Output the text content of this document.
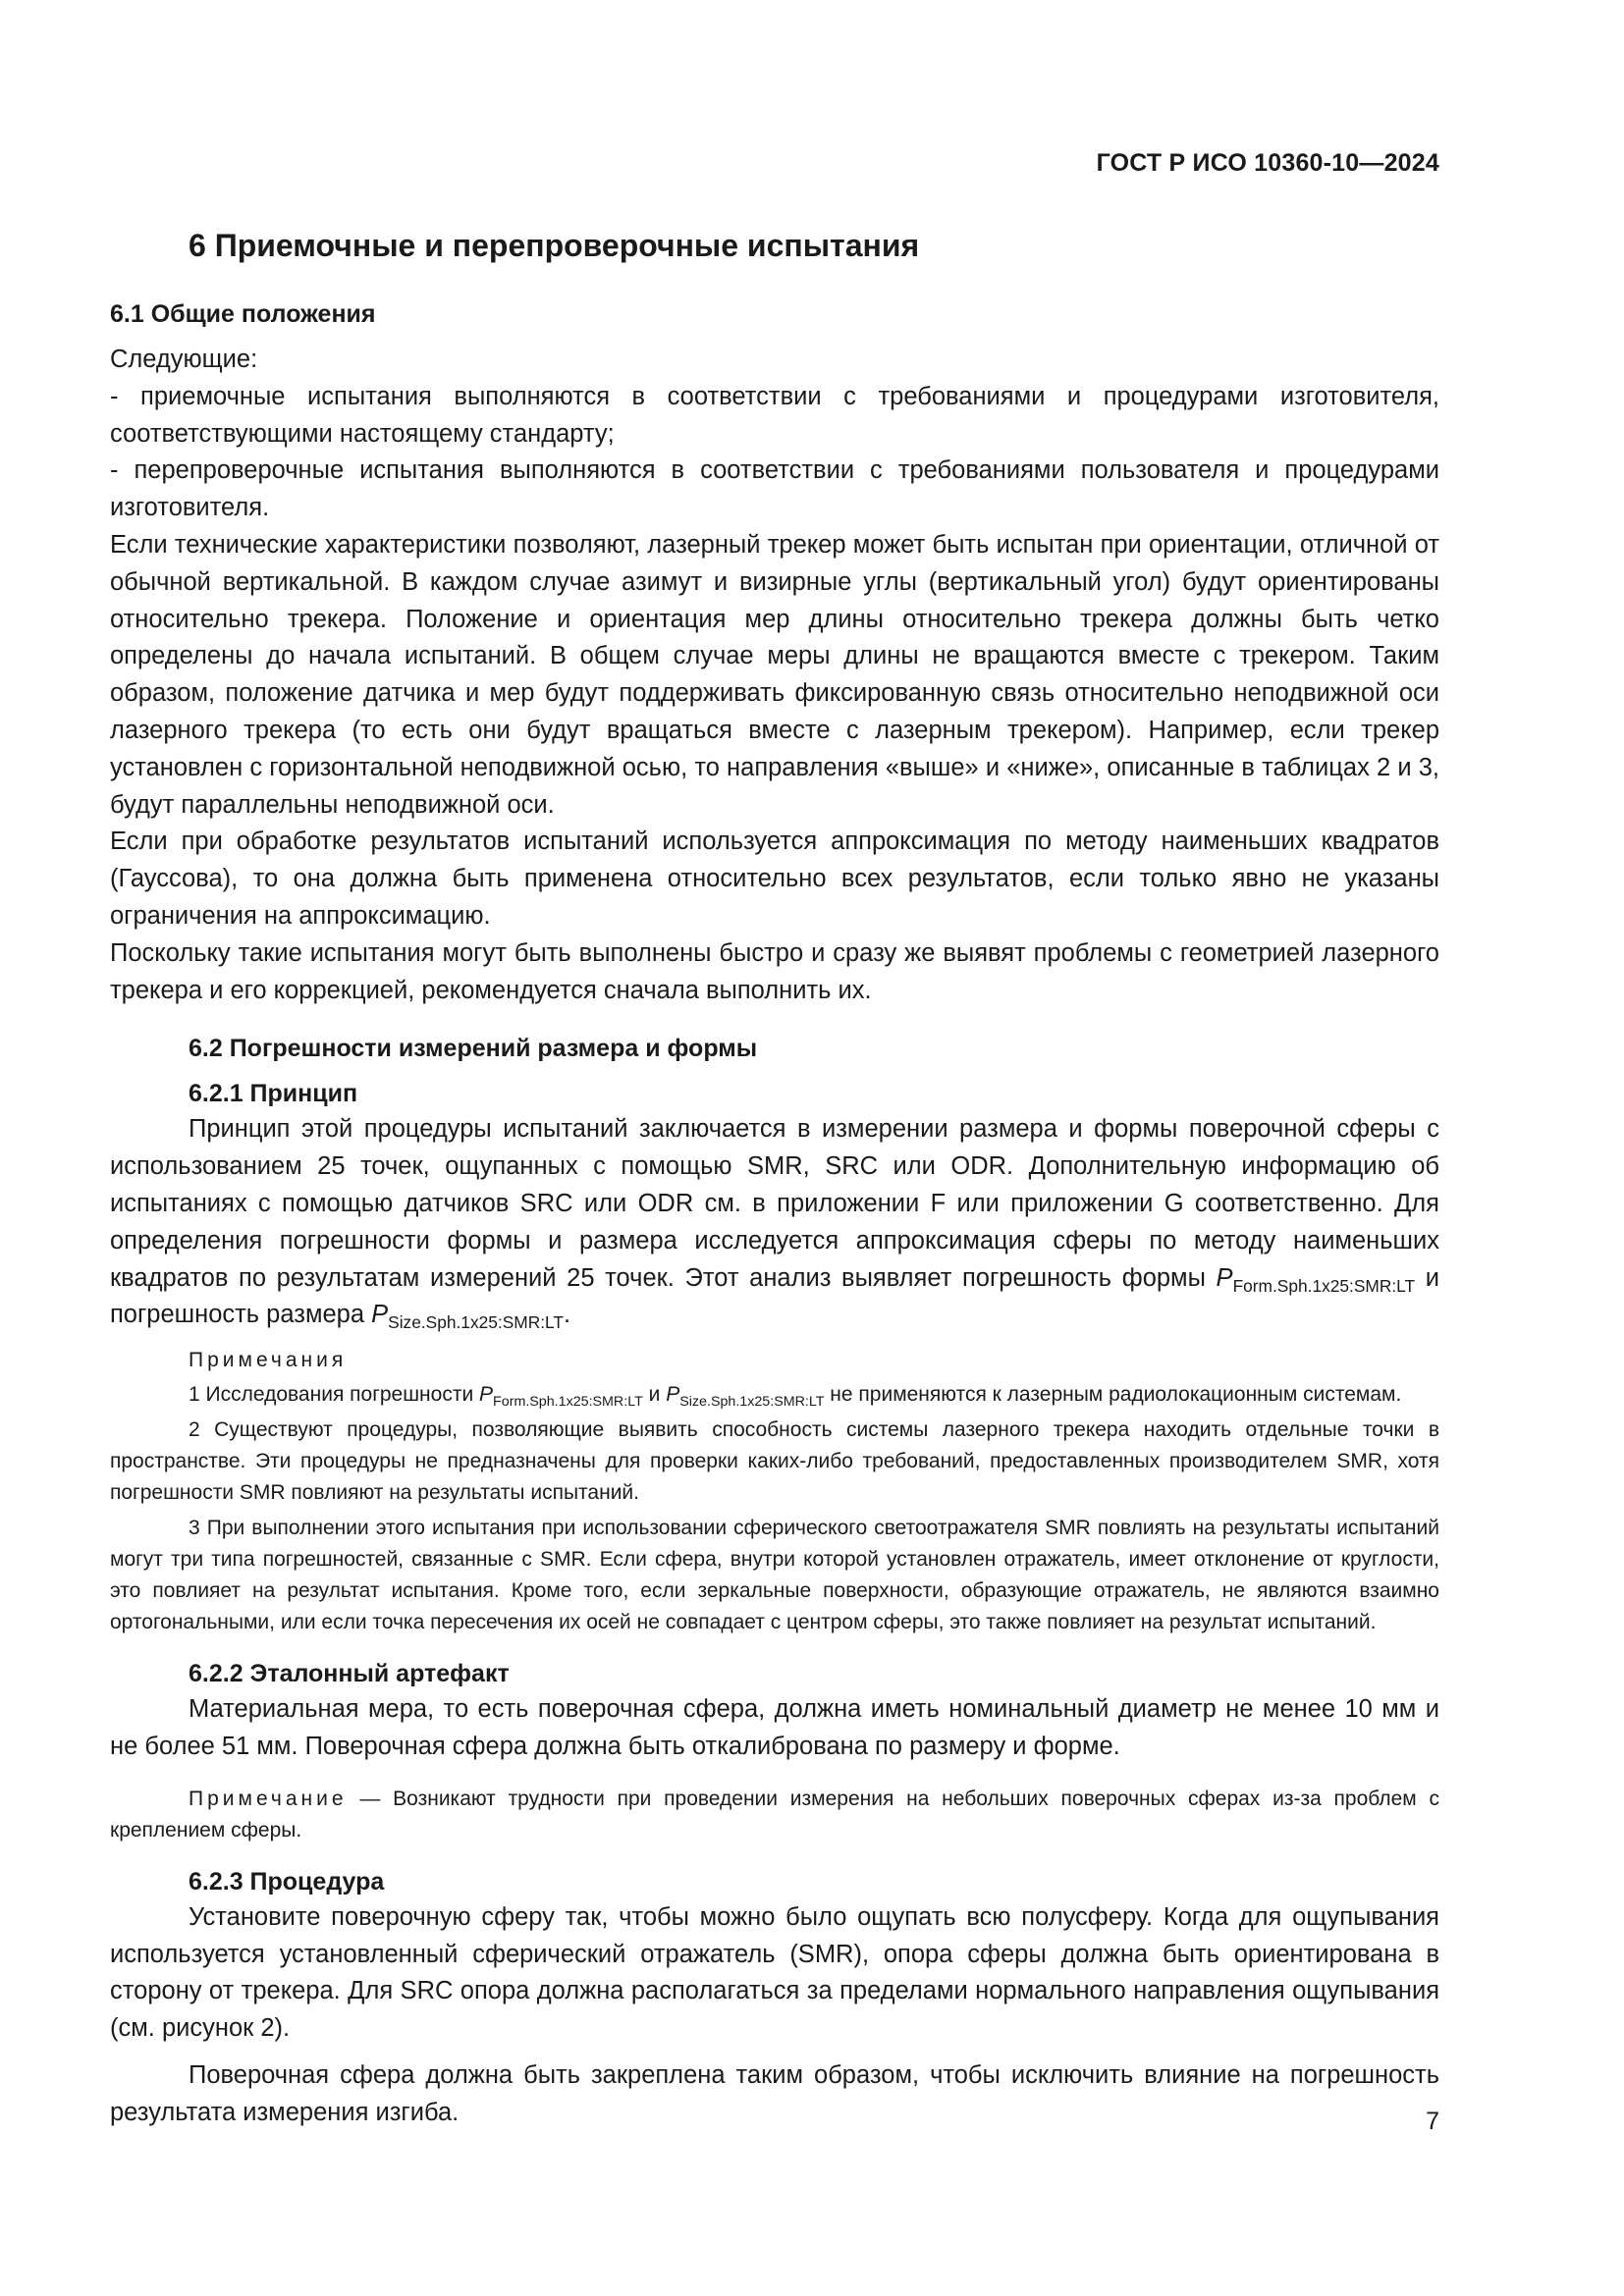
ГОСТ Р ИСО 10360-10—2024
6 Приемочные и перепроверочные испытания
6.1 Общие положения

Следующие:

- приемочные испытания выполняются в соответствии с требованиями и процедурами изготовителя, соответствующими настоящему стандарту;

- перепроверочные испытания выполняются в соответствии с требованиями пользователя и процедурами изготовителя.

Если технические характеристики позволяют, лазерный трекер может быть испытан при ориентации, отличной от обычной вертикальной. В каждом случае азимут и визирные углы (вертикальный угол) будут ориентированы относительно трекера. Положение и ориентация мер длины относительно трекера должны быть четко определены до начала испытаний. В общем случае меры длины не вращаются вместе с трекером. Таким образом, положение датчика и мер будут поддерживать фиксированную связь относительно неподвижной оси лазерного трекера (то есть они будут вращаться вместе с лазерным трекером). Например, если трекер установлен с горизонтальной неподвижной осью, то направления «выше» и «ниже», описанные в таблицах 2 и 3, будут параллельны неподвижной оси.

Если при обработке результатов испытаний используется аппроксимация по методу наименьших квадратов (Гауссова), то она должна быть применена относительно всех результатов, если только явно не указаны ограничения на аппроксимацию.

Поскольку такие испытания могут быть выполнены быстро и сразу же выявят проблемы с геометрией лазерного трекера и его коррекцией, рекомендуется сначала выполнить их.

6.2 Погрешности измерений размера и формы
6.2.1 Принцип

Принцип этой процедуры испытаний заключается в измерении размера и формы поверочной сферы с использованием 25 точек, ощупанных с помощью SMR, SRC или ODR. Дополнительную информацию об испытаниях с помощью датчиков SRC или ODR см. в приложении F или приложении G соответственно. Для определения погрешности формы и размера исследуется аппроксимация сферы по методу наименьших квадратов по результатам измерений 25 точек. Этот анализ выявляет погрешность формы $P_{Form.Sph.1x25:SMR:LT}$ и погрешность размера $P_{Size.Sph.1x25:SMR:LT}$.

Примечания

1 Исследования погрешности $P_{Form.Sph.1x25:SMR:LT}$ и $P_{Size.Sph.1x25:SMR:LT}$ не применяются к лазерным радиолокационным системам.

2 Существуют процедуры, позволяющие выявить способность системы лазерного трекера находить отдельные точки в пространстве. Эти процедуры не предназначены для проверки каких-либо требований, предоставленных производителем SMR, хотя погрешности SMR повлияют на результаты испытаний.

3 При выполнении этого испытания при использовании сферического светоотражателя SMR повлиять на результаты испытаний могут три типа погрешностей, связанные с SMR. Если сфера, внутри которой установлен отражатель, имеет отклонение от круглости, это повлияет на результат испытания. Кроме того, если зеркальные поверхности, образующие отражатель, не являются взаимно ортогональными, или если точка пересечения их осей не совпадает с центром сферы, это также повлияет на результат испытаний.

6.2.2 Эталонный артефакт

Материальная мера, то есть поверочная сфера, должна иметь номинальный диаметр не менее 10 мм и не более 51 мм. Поверочная сфера должна быть откалибрована по размеру и форме.

Примечание — Возникают трудности при проведении измерения на небольших поверочных сферах из-за проблем с креплением сферы.

6.2.3 Процедура

Установите поверочную сферу так, чтобы можно было ощупать всю полусферу. Когда для ощупывания используется установленный сферический отражатель (SMR), опора сферы должна быть ориентирована в сторону от трекера. Для SRC опора должна располагаться за пределами нормального направления ощупывания (см. рисунок 2).

Поверочная сфера должна быть закреплена таким образом, чтобы исключить влияние на погрешность результата измерения изгиба.	7
